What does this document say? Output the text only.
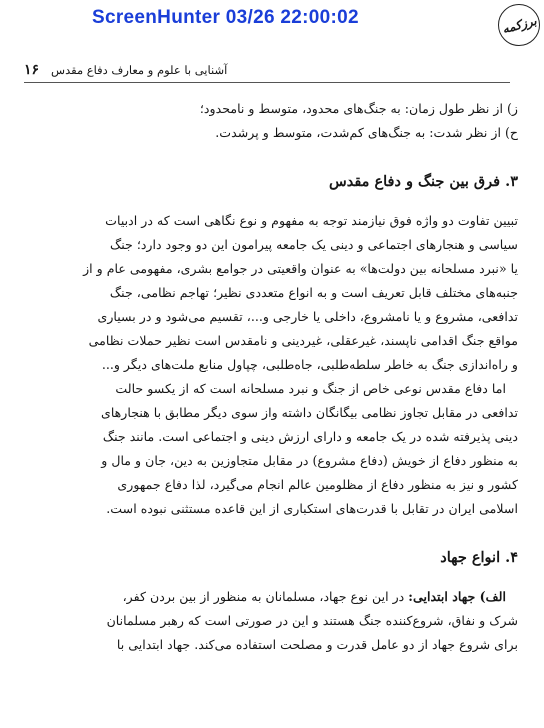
ScreenHunter 03/26 22:00:02	برزکمه
۱۶ آشنایی با علوم و معارف دفاع مقدس
ز) از نظر طول زمان: به جنگ‌های محدود، متوسط و نامحدود؛
ح) از نظر شدت: به جنگ‌های کم‌شدت، متوسط و پرشدت.
۳. فرق بین جنگ و دفاع مقدس
تبیین تفاوت دو واژه فوق نیازمند توجه به مفهوم و نوع نگاهی است که در ادبیات
سیاسی و هنجارهای اجتماعی و دینی یک جامعه پیرامون این دو وجود دارد؛ جنگ
یا «نبرد مسلحانه بین دولت‌ها» به عنوان واقعیتی در جوامع بشری، مفهومی عام و از
جنبه‌های مختلف قابل تعریف است و به انواع متعددی نظیر؛ تهاجم نظامی، جنگ
تدافعی، مشروع و یا نامشروع، داخلی یا خارجی و...، تقسیم می‌شود و در بسیاری
مواقع جنگ اقدامی ناپسند، غیرعقلی، غیردینی و نامقدس است نظیر حملات نظامی
و راه‌اندازی جنگ به خاطر سلطه‌طلبی، جاه‌طلبی، چپاول منابع ملت‌های دیگر و...
اما دفاع مقدس نوعی خاص از جنگ و نبرد مسلحانه است که از یکسو حالت
تدافعی در مقابل تجاوز نظامی بیگانگان داشته واز سوی دیگر مطابق با هنجارهای
دینی پذیرفته شده در یک جامعه و دارای ارزش دینی و اجتماعی است. مانند جنگ
به منظور دفاع از خویش (دفاع مشروع) در مقابل متجاوزین به دین، جان و مال و
کشور و نیز به منظور دفاع از مظلومین عالم انجام می‌گیرد، لذا دفاع جمهوری
اسلامی ایران در تقابل با قدرت‌های استکباری از این قاعده مستثنی نبوده است.
۴. انواع جهاد
الف) جهاد ابتدایی: در این نوع جهاد، مسلمانان به منظور از بین بردن کفر،
شرک و نفاق، شروع‌کننده جنگ هستند و این در صورتی است که رهبر مسلمانان
برای شروع جهاد از دو عامل قدرت و مصلحت استفاده می‌کند. جهاد ابتدایی با
